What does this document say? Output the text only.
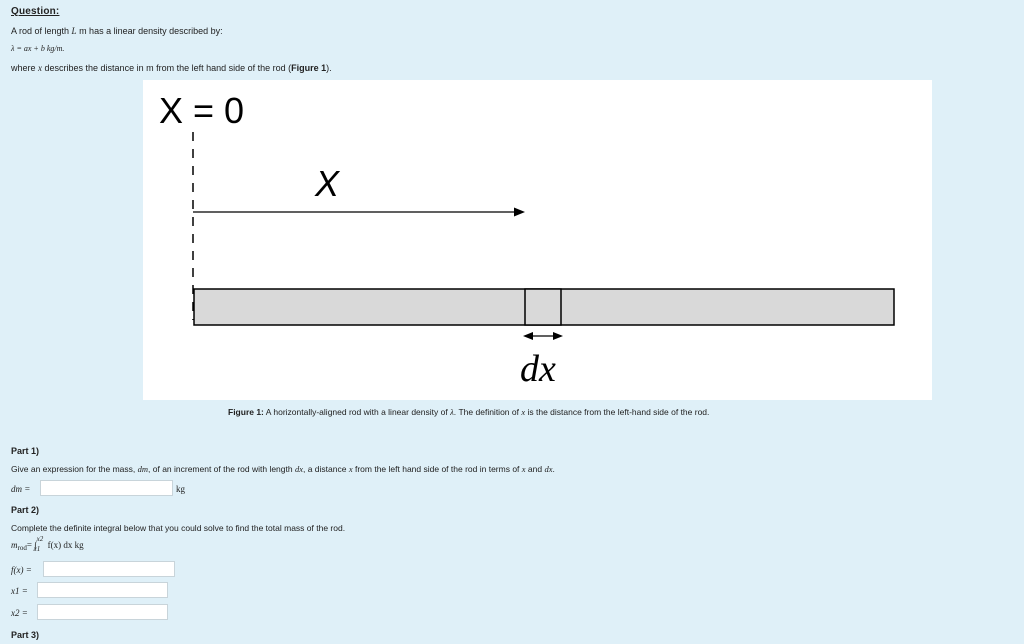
Question:
A rod of length L m has a linear density described by:
λ = ax + b kg/m.
where x describes the distance in m from the left hand side of the rod (Figure 1).
X = 0
X
dx
Figure 1: A horizontally-aligned rod with a linear density of λ. The definition of x is the distance from the left-hand side of the rod.
Part 1)
Give an expression for the mass, dm, of an increment of the rod with length dx, a distance x from the left hand side of the rod in terms of x and dx.
dm =	kg
Part 2)
Complete the definite integral below that you could solve to find the total mass of the rod.
$m_{rod}=$ ∫
x2
x1 f(x) dx kg
f(x) =
x1 =
x2 =
Part 3)
